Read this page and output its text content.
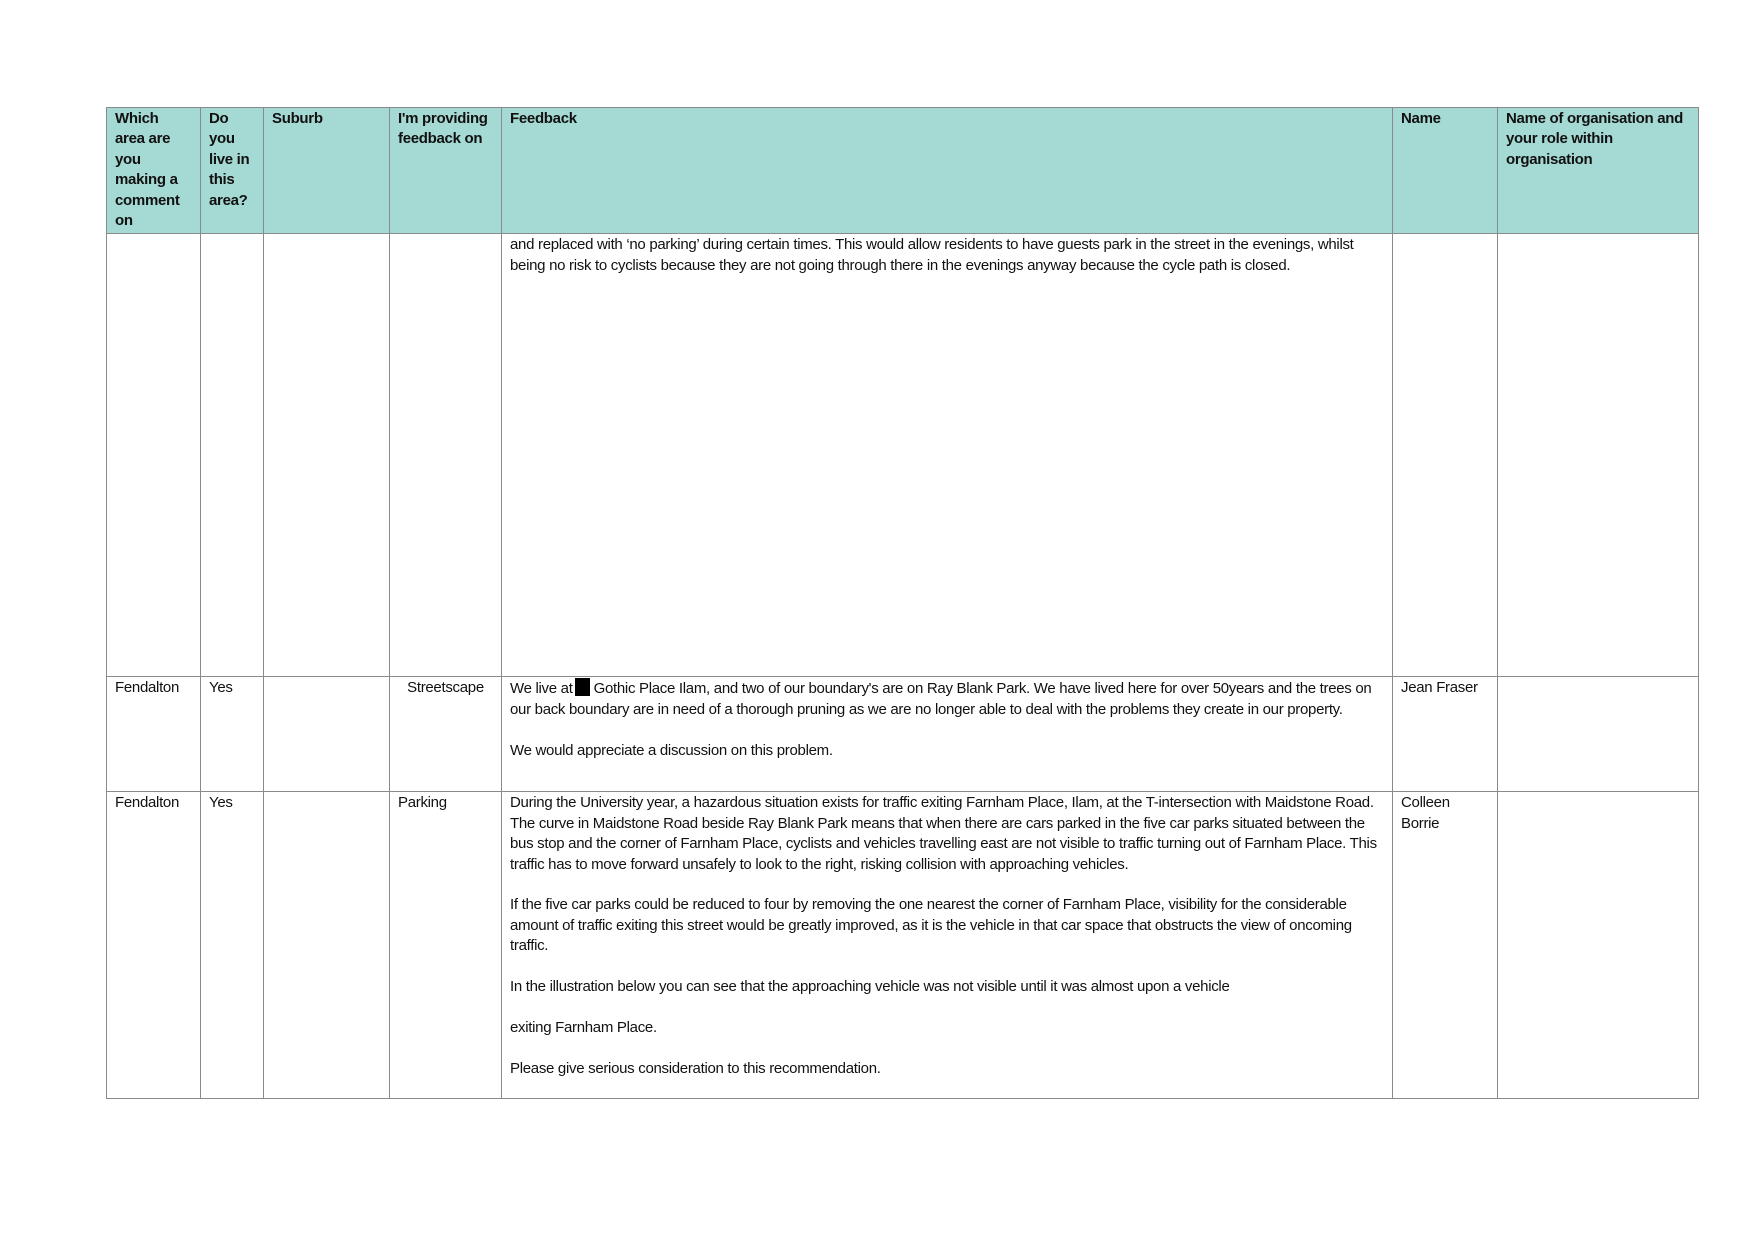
Which area are you making a comment on	Do you live in this area?	Suburb	I'm providing feedback on	Feedback	Name	Name of organisation and your role within organisation

				and replaced with ‘no parking’ during certain times. This would allow residents to have guests park in the street in the evenings, whilst being no risk to cyclists because they are not going through there in the evenings anyway because the cycle path is closed.		

Fendalton	Yes		Streetscape	We live at Gothic Place Ilam, and two of our boundary's are on Ray Blank Park. We have lived here for over 50years and the trees on our back boundary are in need of a thorough pruning as we are no longer able to deal with the problems they create in our property.

We would appreciate a discussion on this problem.	Jean Fraser	
Fendalton	Yes		Parking	During the University year, a hazardous situation exists for traffic exiting Farnham Place, Ilam, at the T-intersection with Maidstone Road. The curve in Maidstone Road beside Ray Blank Park means that when there are cars parked in the five car parks situated between the bus stop and the corner of Farnham Place, cyclists and vehicles travelling east are not visible to traffic turning out of Farnham Place. This traffic has to move forward unsafely to look to the right, risking collision with approaching vehicles.

If the five car parks could be reduced to four by removing the one nearest the corner of Farnham Place, visibility for the considerable amount of traffic exiting this street would be greatly improved, as it is the vehicle in that car space that obstructs the view of oncoming traffic.

In the illustration below you can see that the approaching vehicle was not visible until it was almost upon a vehicle

exiting Farnham Place.

Please give serious consideration to this recommendation.	Colleen Borrie	
